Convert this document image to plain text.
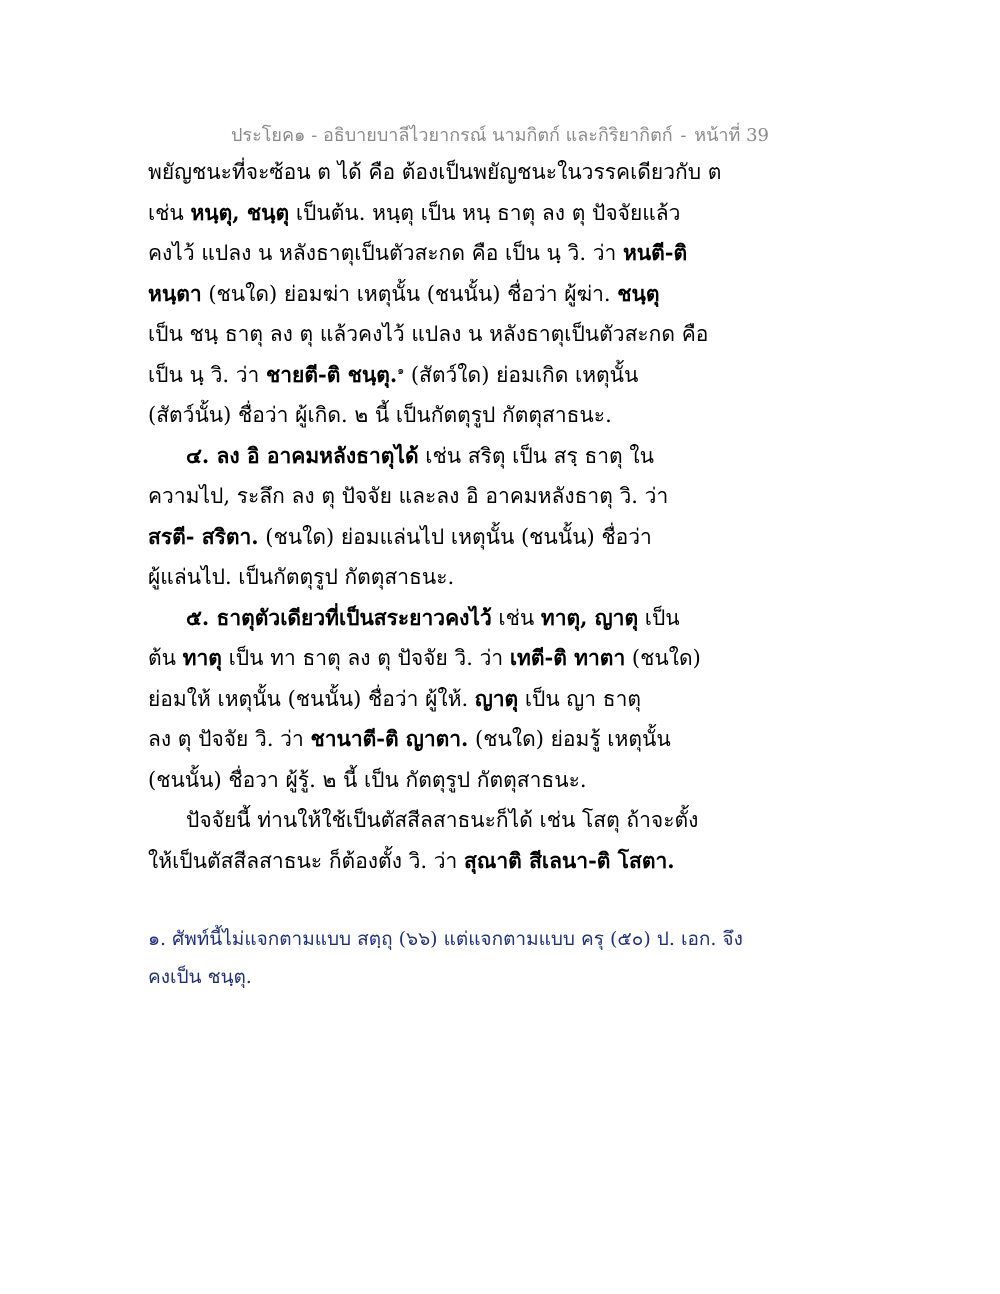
ประโยค๑ - อธิบายบาลีไวยากรณ์ นามกิตก์ และกิริยากิตก์ - หน้าที่ 39
พยัญชนะที่จะซ้อน ต ได้ คือ ต้องเป็นพยัญชนะในวรรคเดียวกับ ต
เช่น หนฺตุ, ชนฺตุ เป็นต้น. หนฺตุ เป็น หนฺ ธาตุ ลง ตุ ปัจจัยแล้ว
คงไว้ แปลง น หลังธาตุเป็นตัวสะกด คือ เป็น นฺ วิ. ว่า หนตี-ติ
หนฺตา (ชนใด) ย่อมฆ่า เหตุนั้น (ชนนั้น) ชื่อว่า ผู้ฆ่า. ชนฺตุ
เป็น ชนฺ ธาตุ ลง ตุ แล้วคงไว้ แปลง น หลังธาตุเป็นตัวสะกด คือ
เป็น นฺ วิ. ว่า ชายตี-ติ ชนฺตุ.$^๑$ (สัตว์ใด) ย่อมเกิด เหตุนั้น
(สัตว์นั้น) ชื่อว่า ผู้เกิด. ๒ นี้ เป็นกัตตุรูป กัตตุสาธนะ.
๔. ลง อิ อาคมหลังธาตุได้ เช่น สริตุ เป็น สรฺ ธาตุ ใน
ความไป, ระลึก ลง ตุ ปัจจัย และลง อิ อาคมหลังธาตุ วิ. ว่า
สรตี- สริตา. (ชนใด) ย่อมแล่นไป เหตุนั้น (ชนนั้น) ชื่อว่า
ผู้แล่นไป. เป็นกัตตุรูป กัตตุสาธนะ.
๕. ธาตุตัวเดียวที่เป็นสระยาวคงไว้ เช่น ทาตุ, ญาตุ เป็น
ต้น ทาตุ เป็น ทา ธาตุ ลง ตุ ปัจจัย วิ. ว่า เทตี-ติ ทาตา (ชนใด)
ย่อมให้ เหตุนั้น (ชนนั้น) ชื่อว่า ผู้ให้. ญาตุ เป็น ญา ธาตุ
ลง ตุ ปัจจัย วิ. ว่า ชานาตี-ติ ญาตา. (ชนใด) ย่อมรู้ เหตุนั้น
(ชนนั้น) ชื่อวา ผู้รู้. ๒ นี้ เป็น กัตตุรูป กัตตุสาธนะ.
ปัจจัยนี้ ท่านให้ใช้เป็นตัสสีลสาธนะก็ได้ เช่น โสตุ ถ้าจะตั้ง
ให้เป็นตัสสีลสาธนะ ก็ต้องตั้ง วิ. ว่า สุณาติ สีเลนา-ติ โสตา.
๑. ศัพท์นี้ไม่แจกตามแบบ สตฺถุ (๖๖) แต่แจกตามแบบ ครุ (๕๐) ป. เอก. จึง
คงเป็น ชนฺตุ.
